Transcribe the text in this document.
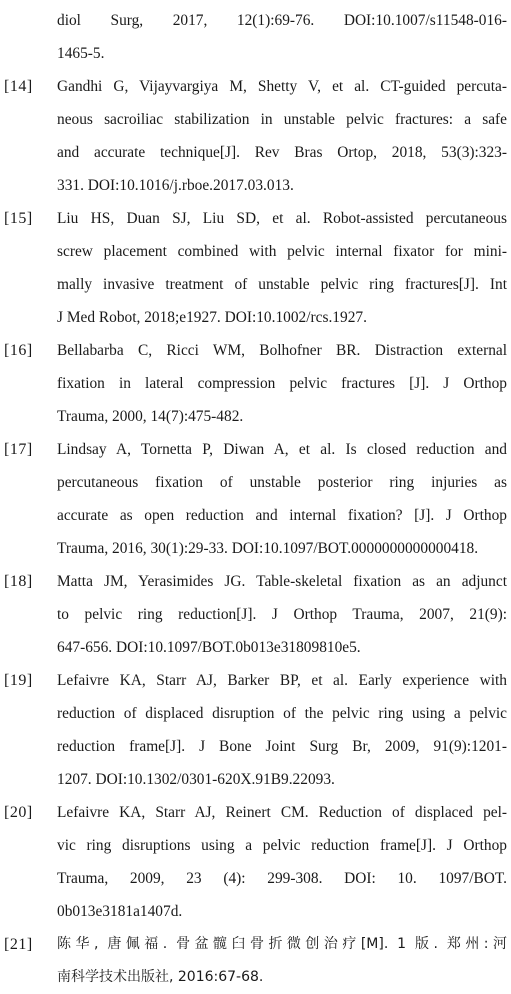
diol Surg, 2017, 12(1):69-76. DOI:10.1007/s11548-016-
1465-5.
[14]	Gandhi G, Vijayvargiya M, Shetty V, et al. CT-guided percuta-
neous sacroiliac stabilization in unstable pelvic fractures: a safe
and accurate technique[J]. Rev Bras Ortop, 2018, 53(3):323-
331. DOI:10.1016/j.rboe.2017.03.013.
[15]	Liu HS, Duan SJ, Liu SD, et al. Robot-assisted percutaneous
screw placement combined with pelvic internal fixator for mini-
mally invasive treatment of unstable pelvic ring fractures[J]. Int
J Med Robot, 2018;e1927. DOI:10.1002/rcs.1927.
[16]	Bellabarba C, Ricci WM, Bolhofner BR. Distraction external
fixation in lateral compression pelvic fractures [J]. J Orthop
Trauma, 2000, 14(7):475-482.
[17]	Lindsay A, Tornetta P, Diwan A, et al. Is closed reduction and
percutaneous fixation of unstable posterior ring injuries as
accurate as open reduction and internal fixation? [J]. J Orthop
Trauma, 2016, 30(1):29-33. DOI:10.1097/BOT.0000000000000418.
[18]	Matta JM, Yerasimides JG. Table-skeletal fixation as an adjunct
to pelvic ring reduction[J]. J Orthop Trauma, 2007, 21(9):
647-656. DOI:10.1097/BOT.0b013e31809810e5.
[19]	Lefaivre KA, Starr AJ, Barker BP, et al. Early experience with
reduction of displaced disruption of the pelvic ring using a pelvic
reduction frame[J]. J Bone Joint Surg Br, 2009, 91(9):1201-
1207. DOI:10.1302/0301-620X.91B9.22093.
[20]	Lefaivre KA, Starr AJ, Reinert CM. Reduction of displaced pel-
vic ring disruptions using a pelvic reduction frame[J]. J Orthop
Trauma, 2009, 23 (4): 299-308. DOI: 10. 1097/BOT.
0b013e3181a1407d.
[21]	陈华, 唐佩福. 骨盆髋臼骨折微创治疗[M]. 1 版. 郑州:河
南科学技术出版社, 2016:67-68.
